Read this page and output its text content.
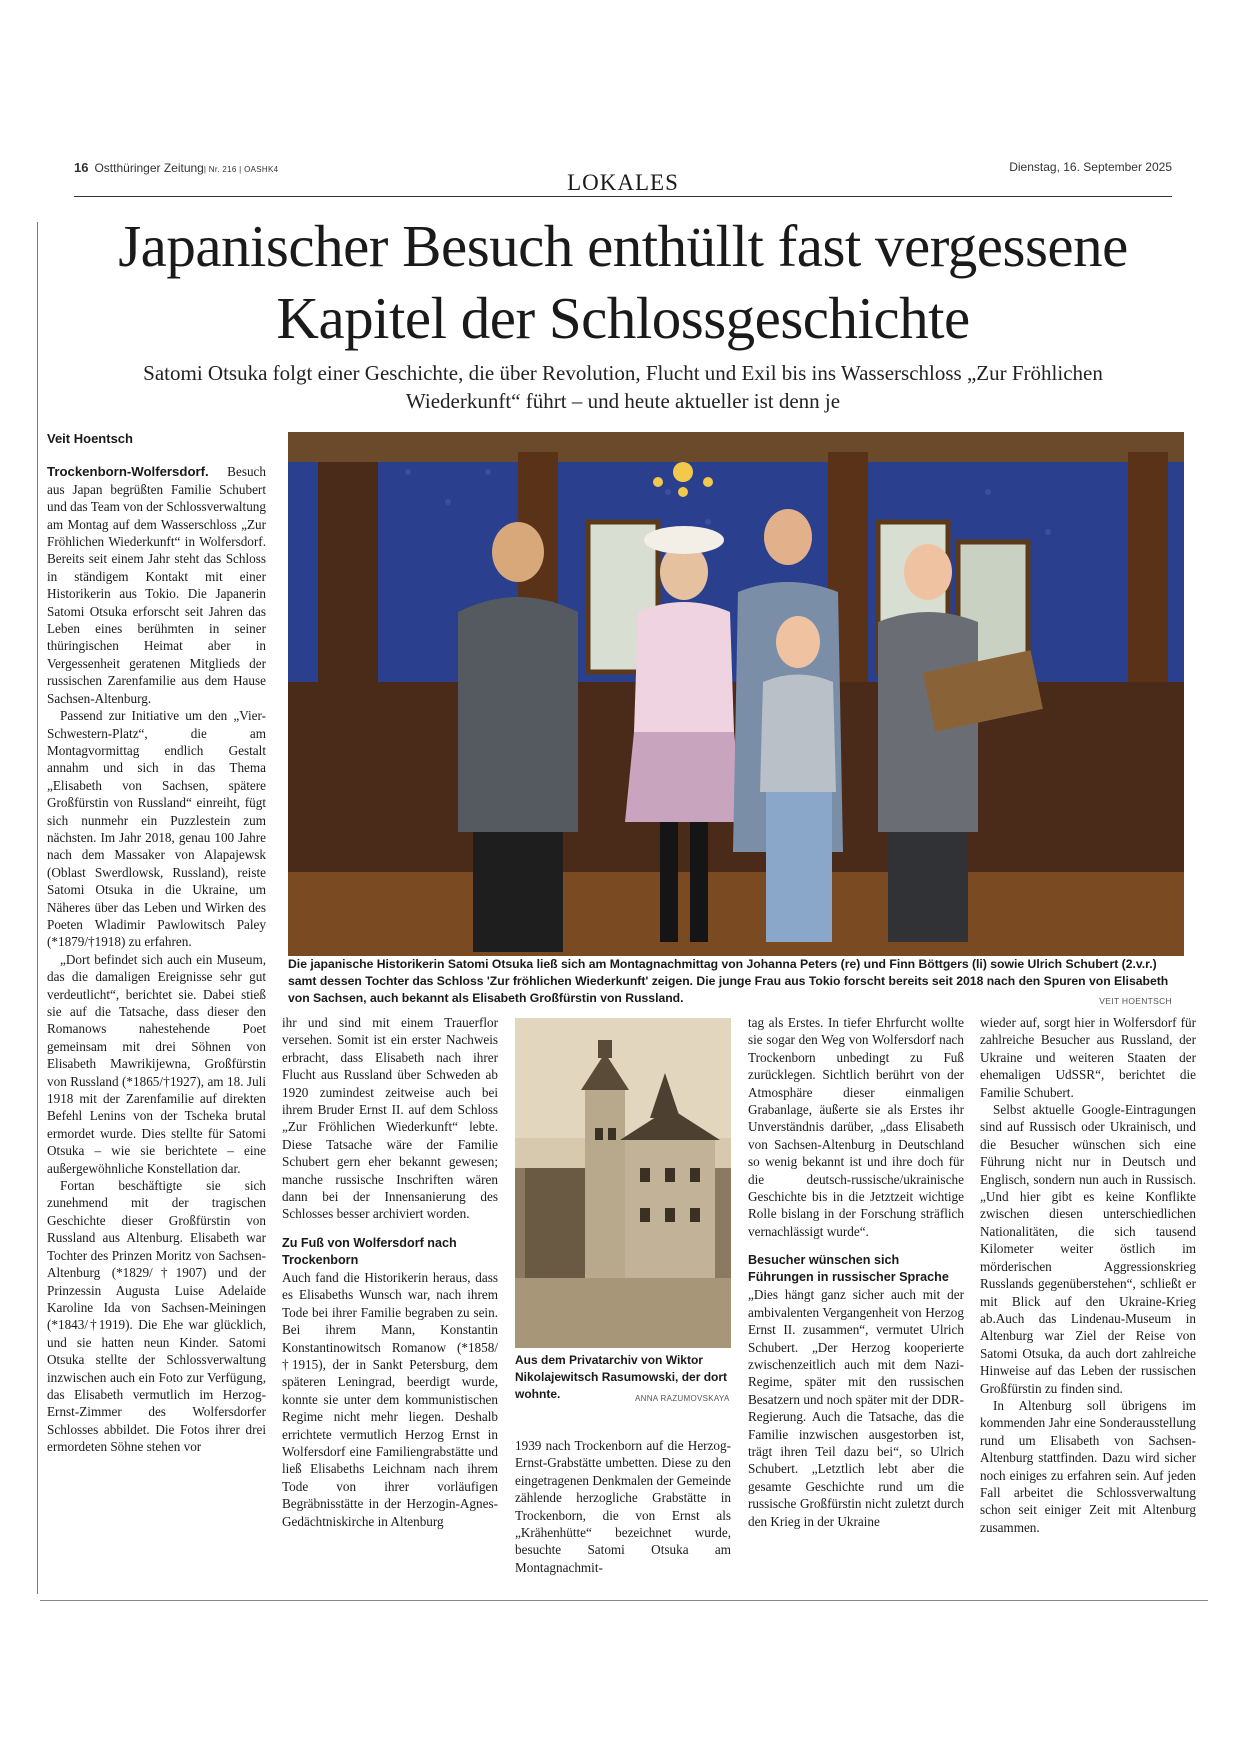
16 Ostthüringer Zeitung| Nr. 216 | OASHK4
LOKALES
Dienstag, 16. September 2025
Japanischer Besuch enthüllt fast vergessene Kapitel der Schlossgeschichte
Satomi Otsuka folgt einer Geschichte, die über Revolution, Flucht und Exil bis ins Wasserschloss „Zur Fröhlichen Wiederkunft“ führt – und heute aktueller ist denn je
Veit Hoentsch

Trockenborn-Wolfersdorf. Besuch aus Japan begrüßten Familie Schubert und das Team von der Schlossverwaltung am Montag auf dem Wasserschloss „Zur Fröhlichen Wiederkunft“ in Wolfersdorf. Bereits seit einem Jahr steht das Schloss in ständigem Kontakt mit einer Historikerin aus Tokio. Die Japanerin Satomi Otsuka erforscht seit Jahren das Leben eines berühmten in seiner thüringischen Heimat aber in Vergessenheit geratenen Mitglieds der russischen Zarenfamilie aus dem Hause Sachsen-Altenburg.

Passend zur Initiative um den „Vier-Schwestern-Platz“, die am Montagvormittag endlich Gestalt annahm und sich in das Thema „Elisabeth von Sachsen, spätere Großfürstin von Russland“ einreiht, fügt sich nunmehr ein Puzzlestein zum nächsten. Im Jahr 2018, genau 100 Jahre nach dem Massaker von Alapajewsk (Oblast Swerdlowsk, Russland), reiste Satomi Otsuka in die Ukraine, um Näheres über das Leben und Wirken des Poeten Wladimir Pawlowitsch Paley (*1879/†1918) zu erfahren.

„Dort befindet sich auch ein Museum, das die damaligen Ereignisse sehr gut verdeutlicht“, berichtet sie. Dabei stieß sie auf die Tatsache, dass dieser den Romanows nahestehende Poet gemeinsam mit drei Söhnen von Elisabeth Mawrikijewna, Großfürstin von Russland (*1865/†1927), am 18. Juli 1918 mit der Zarenfamilie auf direkten Befehl Lenins von der Tscheka brutal ermordet wurde. Dies stellte für Satomi Otsuka – wie sie berichtete – eine außergewöhnliche Konstellation dar.

Fortan beschäftigte sie sich zunehmend mit der tragischen Geschichte dieser Großfürstin von Russland aus Altenburg. Elisabeth war Tochter des Prinzen Moritz von Sachsen-Altenburg (*1829/†1907) und der Prinzessin Augusta Luise Adelaide Karoline Ida von Sachsen-Meiningen (*1843/†1919). Die Ehe war glücklich, und sie hatten neun Kinder. Satomi Otsuka stellte der Schlossverwaltung inzwischen auch ein Foto zur Verfügung, das Elisabeth vermutlich im Herzog-Ernst-Zimmer des Wolfersdorfer Schlosses abbildet. Die Fotos ihrer drei ermordeten Söhne stehen vor

Die japanische Historikerin Satomi Otsuka ließ sich am Montagnachmittag von Johanna Peters (re) und Finn Böttgers (li) sowie Ulrich Schubert (2.v.r.) samt dessen Tochter das Schloss 'Zur fröhlichen Wiederkunft' zeigen. Die junge Frau aus Tokio forscht bereits seit 2018 nach den Spuren von Elisabeth von Sachsen, auch bekannt als Elisabeth Großfürstin von Russland.	VEIT HOENTSCH

ihr und sind mit einem Trauerflor versehen. Somit ist ein erster Nachweis erbracht, dass Elisabeth nach ihrer Flucht aus Russland über Schweden ab 1920 zumindest zeitweise auch bei ihrem Bruder Ernst II. auf dem Schloss „Zur Fröhlichen Wiederkunft“ lebte. Diese Tatsache wäre der Familie Schubert gern eher bekannt gewesen; manche russische Inschriften wären dann bei der Innensanierung des Schlosses besser archiviert worden.

Zu Fuß von Wolfersdorf nach Trockenborn

Auch fand die Historikerin heraus, dass es Elisabeths Wunsch war, nach ihrem Tode bei ihrer Familie begraben zu sein. Bei ihrem Mann, Konstantin Konstantinowitsch Romanow (*1858/†1915), der in Sankt Petersburg, dem späteren Leningrad, beerdigt wurde, konnte sie unter dem kommunistischen Regime nicht mehr liegen. Deshalb errichtete vermutlich Herzog Ernst in Wolfersdorf eine Familiengrabstätte und ließ Elisabeths Leichnam nach ihrem Tode von ihrer vorläufigen Begräbnisstätte in der Herzogin-Agnes-Gedächtniskirche in Altenburg

Aus dem Privatarchiv von Wiktor Nikolajewitsch Rasumowski, der dort wohnte.	ANNA RAZUMOVSKAYA

1939 nach Trockenborn auf die Herzog-Ernst-Grabstätte umbetten. Diese zu den eingetragenen Denkmalen der Gemeinde zählende herzogliche Grabstätte in Trockenborn, die von Ernst als „Krähenhütte“ bezeichnet wurde, besuchte Satomi Otsuka am Montagnachmit-

tag als Erstes. In tiefer Ehrfurcht wollte sie sogar den Weg von Wolfersdorf nach Trockenborn unbedingt zu Fuß zurücklegen. Sichtlich berührt von der Atmosphäre dieser einmaligen Grabanlage, äußerte sie als Erstes ihr Unverständnis darüber, „dass Elisabeth von Sachsen-Altenburg in Deutschland so wenig bekannt ist und ihre doch für die deutsch-russische/ukrainische Geschichte bis in die Jetztzeit wichtige Rolle bislang in der Forschung sträflich vernachlässigt wurde“.

Besucher wünschen sich Führungen in russischer Sprache

„Dies hängt ganz sicher auch mit der ambivalenten Vergangenheit von Herzog Ernst II. zusammen“, vermutet Ulrich Schubert. „Der Herzog kooperierte zwischenzeitlich auch mit dem Nazi-Regime, später mit den russischen Besatzern und noch später mit der DDR-Regierung. Auch die Tatsache, das die Familie inzwischen ausgestorben ist, trägt ihren Teil dazu bei“, so Ulrich Schubert. „Letztlich lebt aber die gesamte Geschichte rund um die russische Großfürstin nicht zuletzt durch den Krieg in der Ukraine

wieder auf, sorgt hier in Wolfersdorf für zahlreiche Besucher aus Russland, der Ukraine und weiteren Staaten der ehemaligen UdSSR“, berichtet die Familie Schubert.

Selbst aktuelle Google-Eintragungen sind auf Russisch oder Ukrainisch, und die Besucher wünschen sich eine Führung nicht nur in Deutsch und Englisch, sondern nun auch in Russisch. „Und hier gibt es keine Konflikte zwischen diesen unterschiedlichen Nationalitäten, die sich tausend Kilometer weiter östlich im mörderischen Aggressionskrieg Russlands gegenüberstehen“, schließt er mit Blick auf den Ukraine-Krieg ab.Auch das Lindenau-Museum in Altenburg war Ziel der Reise von Satomi Otsuka, da auch dort zahlreiche Hinweise auf das Leben der russischen Großfürstin zu finden sind.

In Altenburg soll übrigens im kommenden Jahr eine Sonderausstellung rund um Elisabeth von Sachsen-Altenburg stattfinden. Dazu wird sicher noch einiges zu erfahren sein. Auf jeden Fall arbeitet die Schlossverwaltung schon seit einiger Zeit mit Altenburg zusammen.
